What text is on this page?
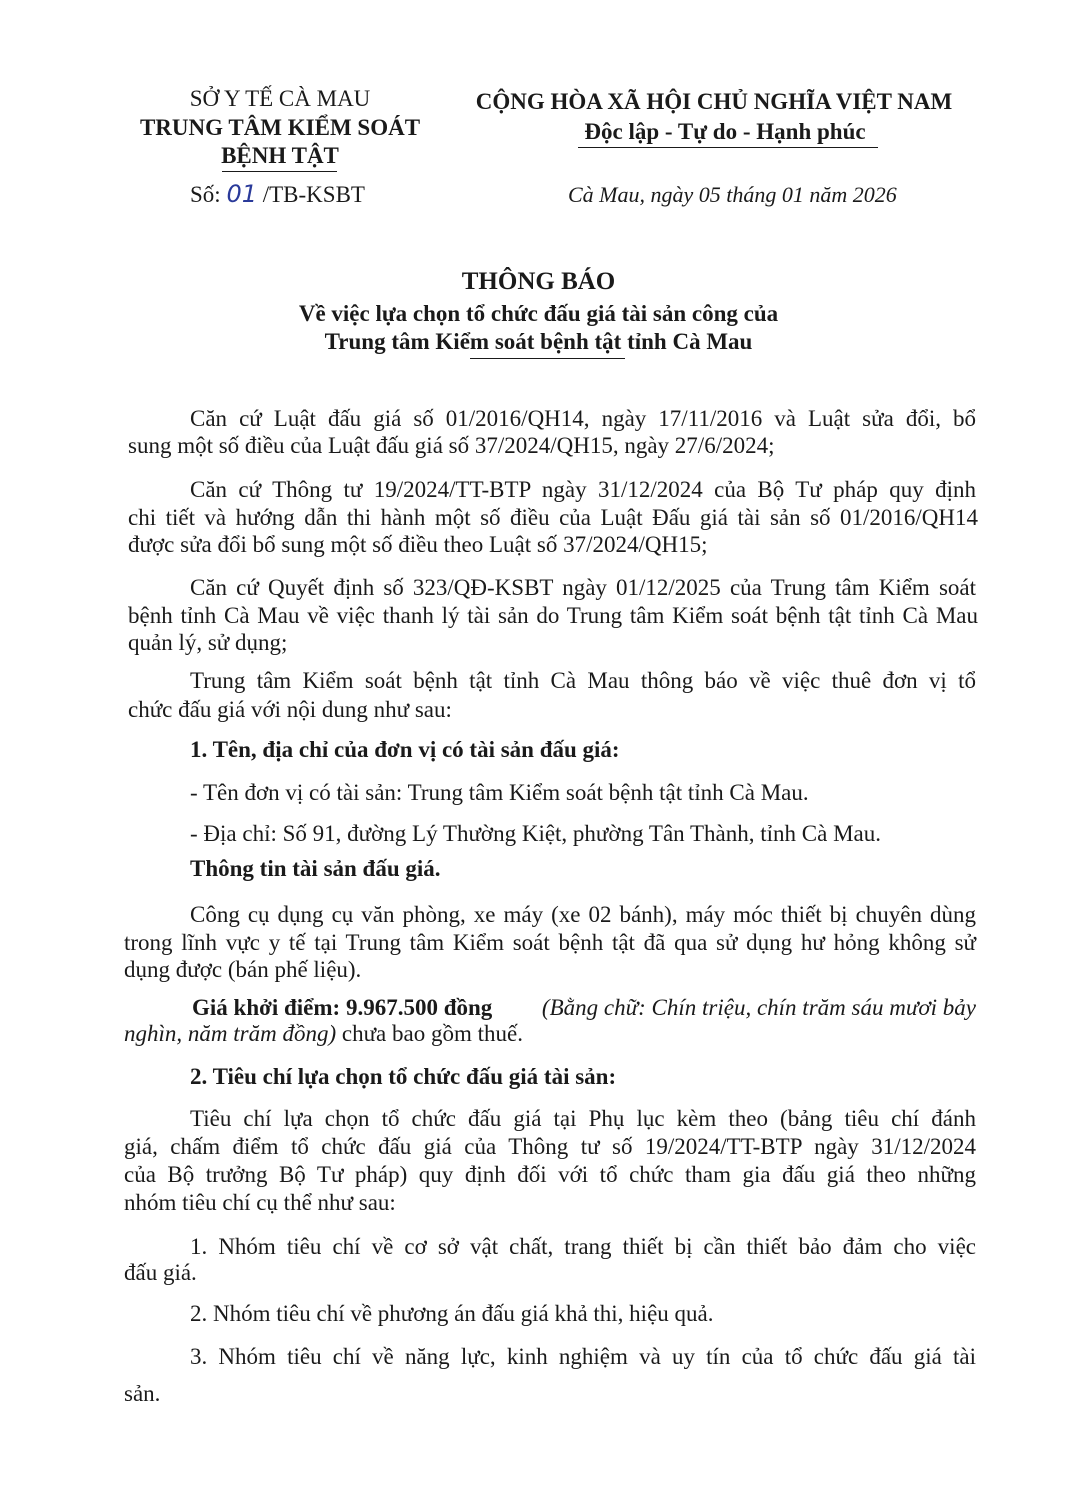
SỞ Y TẾ CÀ MAU
TRUNG TÂM KIỂM SOÁT
BỆNH TẬT
Số: 01 /TB-KSBT
CỘNG HÒA XÃ HỘI CHỦ NGHĨA VIỆT NAM
Độc lập - Tự do - Hạnh phúc
Cà Mau, ngày 05 tháng 01 năm 2026
THÔNG BÁO
Về việc lựa chọn tổ chức đấu giá tài sản công của
Trung tâm Kiểm soát bệnh tật tỉnh Cà Mau
Căn cứ Luật đấu giá số 01/2016/QH14, ngày 17/11/2016 và Luật sửa đổi, bổ
sung một số điều của Luật đấu giá số 37/2024/QH15, ngày 27/6/2024;
Căn cứ Thông tư 19/2024/TT-BTP ngày 31/12/2024 của Bộ Tư pháp quy định
chi tiết và hướng dẫn thi hành một số điều của Luật Đấu giá tài sản số 01/2016/QH14
được sửa đổi bổ sung một số điều theo Luật số 37/2024/QH15;
Căn cứ Quyết định số 323/QĐ-KSBT ngày 01/12/2025 của Trung tâm Kiểm soát
bệnh tỉnh Cà Mau về việc thanh lý tài sản do Trung tâm Kiểm soát bệnh tật tỉnh Cà Mau
quản lý, sử dụng;
Trung tâm Kiểm soát bệnh tật tỉnh Cà Mau thông báo về việc thuê đơn vị tổ
chức đấu giá với nội dung như sau:
1. Tên, địa chỉ của đơn vị có tài sản đấu giá:
- Tên đơn vị có tài sản: Trung tâm Kiểm soát bệnh tật tỉnh Cà Mau.
- Địa chỉ: Số 91, đường Lý Thường Kiệt, phường Tân Thành, tỉnh Cà Mau.
Thông tin tài sản đấu giá.
Công cụ dụng cụ văn phòng, xe máy (xe 02 bánh), máy móc thiết bị chuyên dùng
trong lĩnh vực y tế tại Trung tâm Kiểm soát bệnh tật đã qua sử dụng hư hỏng không sử
dụng được (bán phế liệu).
Giá khởi điểm: 9.967.500 đồng (Bằng chữ: Chín triệu, chín trăm sáu mươi bảy
nghìn, năm trăm đồng) chưa bao gồm thuế.
2. Tiêu chí lựa chọn tổ chức đấu giá tài sản:
Tiêu chí lựa chọn tổ chức đấu giá tại Phụ lục kèm theo (bảng tiêu chí đánh
giá, chấm điểm tổ chức đấu giá của Thông tư số 19/2024/TT-BTP ngày 31/12/2024
của Bộ trưởng Bộ Tư pháp) quy định đối với tổ chức tham gia đấu giá theo những
nhóm tiêu chí cụ thể như sau:
1. Nhóm tiêu chí về cơ sở vật chất, trang thiết bị cần thiết bảo đảm cho việc
đấu giá.
2. Nhóm tiêu chí về phương án đấu giá khả thi, hiệu quả.
3. Nhóm tiêu chí về năng lực, kinh nghiệm và uy tín của tổ chức đấu giá tài
sản.
